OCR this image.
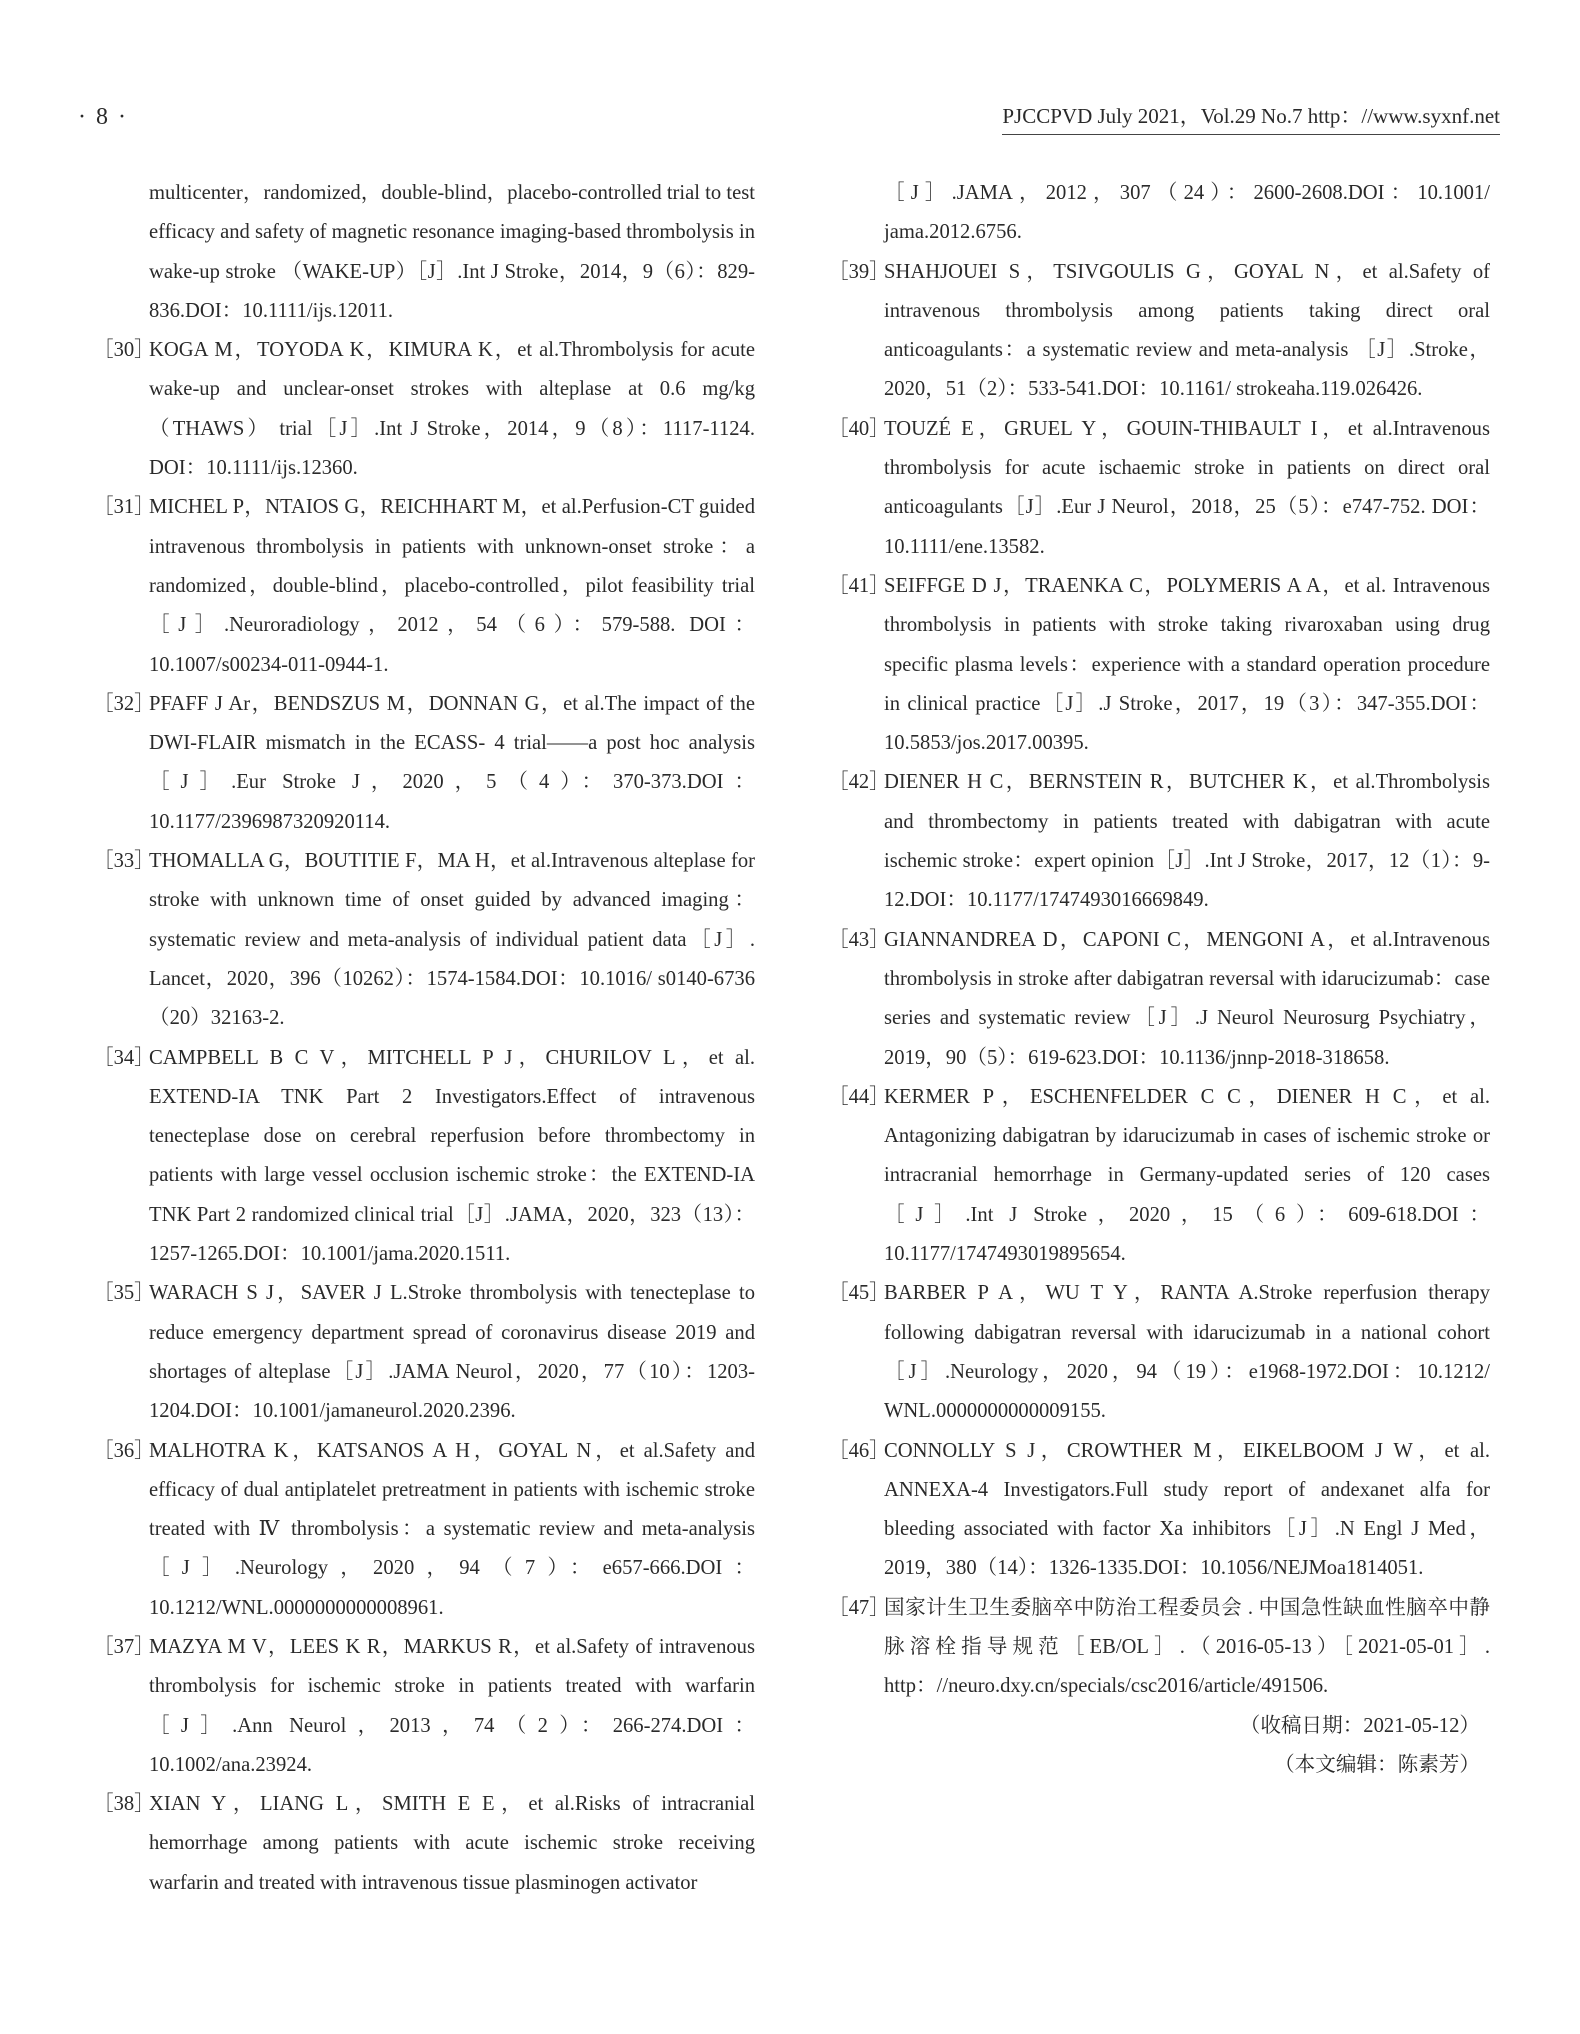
· 8 ·	PJCCPVD July 2021，Vol.29 No.7 http：//www.syxnf.net
multicenter，randomized，double-blind，placebo-controlled trial to test efficacy and safety of magnetic resonance imaging-based thrombolysis in wake-up stroke （WAKE-UP）［J］.Int J Stroke，2014，9（6）：829-836.DOI：10.1111/ijs.12011.
［30］
KOGA M，TOYODA K，KIMURA K，et al.Thrombolysis for acute wake-up and unclear-onset strokes with alteplase at 0.6 mg/kg （THAWS） trial［J］.Int J Stroke，2014，9（8）：1117-1124. DOI：10.1111/ijs.12360.
［31］
MICHEL P，NTAIOS G，REICHHART M，et al.Perfusion-CT guided intravenous thrombolysis in patients with unknown-onset stroke：a randomized，double-blind，placebo-controlled，pilot feasibility trial［J］.Neuroradiology，2012，54（6）：579-588. DOI：10.1007/s00234-011-0944-1.
［32］
PFAFF J Ar，BENDSZUS M，DONNAN G，et al.The impact of the DWI-FLAIR mismatch in the ECASS- 4 trial——a post hoc analysis［J］.Eur Stroke J，2020，5（4）：370-373.DOI：10.1177/2396987320920114.
［33］
THOMALLA G，BOUTITIE F，MA H，et al.Intravenous alteplase for stroke with unknown time of onset guided by advanced imaging：systematic review and meta-analysis of individual patient data［J］. Lancet，2020，396（10262）：1574-1584.DOI：10.1016/ s0140-6736（20）32163-2.
［34］
CAMPBELL B C V，MITCHELL P J，CHURILOV L，et al. EXTEND-IA TNK Part 2 Investigators.Effect of intravenous tenecteplase dose on cerebral reperfusion before thrombectomy in patients with large vessel occlusion ischemic stroke：the EXTEND-IA TNK Part 2 randomized clinical trial［J］.JAMA，2020，323（13）：1257-1265.DOI：10.1001/jama.2020.1511.
［35］
WARACH S J，SAVER J L.Stroke thrombolysis with tenecteplase to reduce emergency department spread of coronavirus disease 2019 and shortages of alteplase［J］.JAMA Neurol，2020，77（10）：1203-1204.DOI：10.1001/jamaneurol.2020.2396.
［36］
MALHOTRA K，KATSANOS A H，GOYAL N，et al.Safety and efficacy of dual antiplatelet pretreatment in patients with ischemic stroke treated with Ⅳ thrombolysis：a systematic review and meta-analysis［J］.Neurology，2020，94（7）：e657-666.DOI：10.1212/WNL.0000000000008961.
［37］
MAZYA M V，LEES K R，MARKUS R，et al.Safety of intravenous thrombolysis for ischemic stroke in patients treated with warfarin［J］.Ann Neurol，2013，74（2）：266-274.DOI：10.1002/ana.23924.
［38］
XIAN Y，LIANG L，SMITH E E，et al.Risks of intracranial hemorrhage among patients with acute ischemic stroke receiving warfarin and treated with intravenous tissue plasminogen activator
［J］.JAMA，2012，307（24）：2600-2608.DOI：10.1001/ jama.2012.6756.
［39］
SHAHJOUEI S，TSIVGOULIS G，GOYAL N，et al.Safety of intravenous thrombolysis among patients taking direct oral anticoagulants：a systematic review and meta-analysis ［J］.Stroke，2020，51（2）：533-541.DOI：10.1161/ strokeaha.119.026426.
［40］
TOUZÉ E，GRUEL Y，GOUIN-THIBAULT I，et al.Intravenous thrombolysis for acute ischaemic stroke in patients on direct oral anticoagulants［J］.Eur J Neurol，2018，25（5）：e747-752. DOI：10.1111/ene.13582.
［41］
SEIFFGE D J，TRAENKA C，POLYMERIS A A，et al. Intravenous thrombolysis in patients with stroke taking rivaroxaban using drug specific plasma levels：experience with a standard operation procedure in clinical practice［J］.J Stroke，2017，19（3）：347-355.DOI：10.5853/jos.2017.00395.
［42］
DIENER H C，BERNSTEIN R，BUTCHER K，et al.Thrombolysis and thrombectomy in patients treated with dabigatran with acute ischemic stroke：expert opinion［J］.Int J Stroke，2017，12（1）：9-12.DOI：10.1177/1747493016669849.
［43］
GIANNANDREA D，CAPONI C，MENGONI A，et al.Intravenous thrombolysis in stroke after dabigatran reversal with idarucizumab：case series and systematic review［J］.J Neurol Neurosurg Psychiatry，2019，90（5）：619-623.DOI：10.1136/jnnp-2018-318658.
［44］
KERMER P，ESCHENFELDER C C，DIENER H C，et al. Antagonizing dabigatran by idarucizumab in cases of ischemic stroke or intracranial hemorrhage in Germany-updated series of 120 cases［J］.Int J Stroke，2020，15（6）：609-618.DOI：10.1177/1747493019895654.
［45］
BARBER P A，WU T Y，RANTA A.Stroke reperfusion therapy following dabigatran reversal with idarucizumab in a national cohort ［J］.Neurology，2020，94（19）：e1968-1972.DOI：10.1212/ WNL.0000000000009155.
［46］
CONNOLLY S J，CROWTHER M，EIKELBOOM J W，et al. ANNEXA-4 Investigators.Full study report of andexanet alfa for bleeding associated with factor Xa inhibitors［J］.N Engl J Med，2019，380（14）：1326-1335.DOI：10.1056/NEJMoa1814051.
［47］
国家计生卫生委脑卒中防治工程委员会 . 中国急性缺血性脑卒中静脉溶栓指导规范［EB/OL］.（2016-05-13）［2021-05-01］. http：//neuro.dxy.cn/specials/csc2016/article/491506.
（收稿日期：2021-05-12）
（本文编辑：陈素芳）
